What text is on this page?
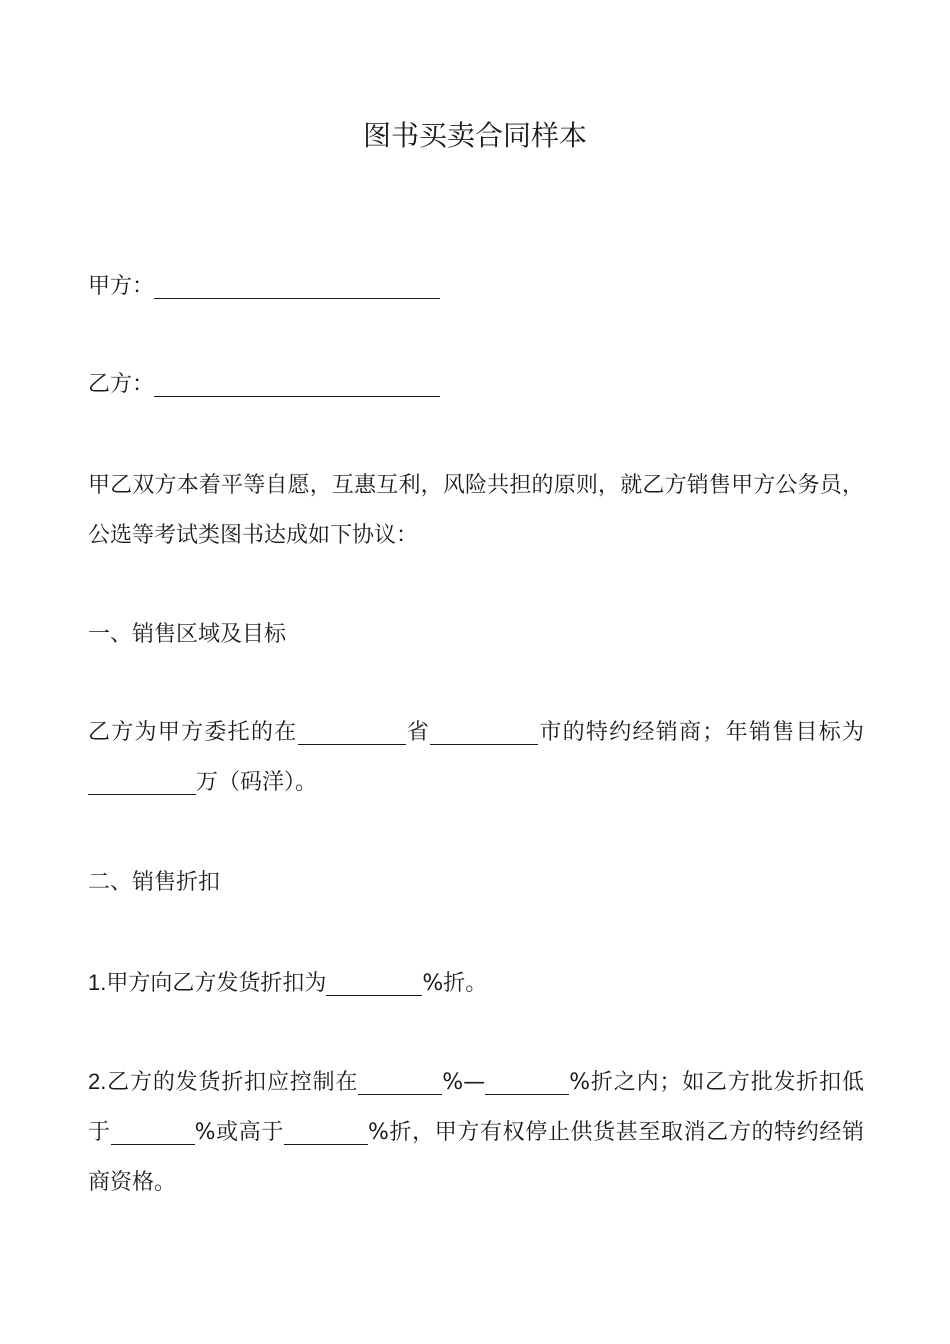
图书买卖合同样本
甲方：
乙方：
甲乙双方本着平等自愿，互惠互利，风险共担的原则，就乙方销售甲方公务员，公选等考试类图书达成如下协议：
一、销售区域及目标
乙方为甲方委托的在	省	市的特约经销商；年销售目标为万（码洋）。
二、销售折扣
1.甲方向乙方发货折扣为	%折。
2.乙方的发货折扣应控制在	%—	%折之内；如乙方批发折扣低于	%或高于	%折，甲方有权停止供货甚至取消乙方的特约经销商资格。
